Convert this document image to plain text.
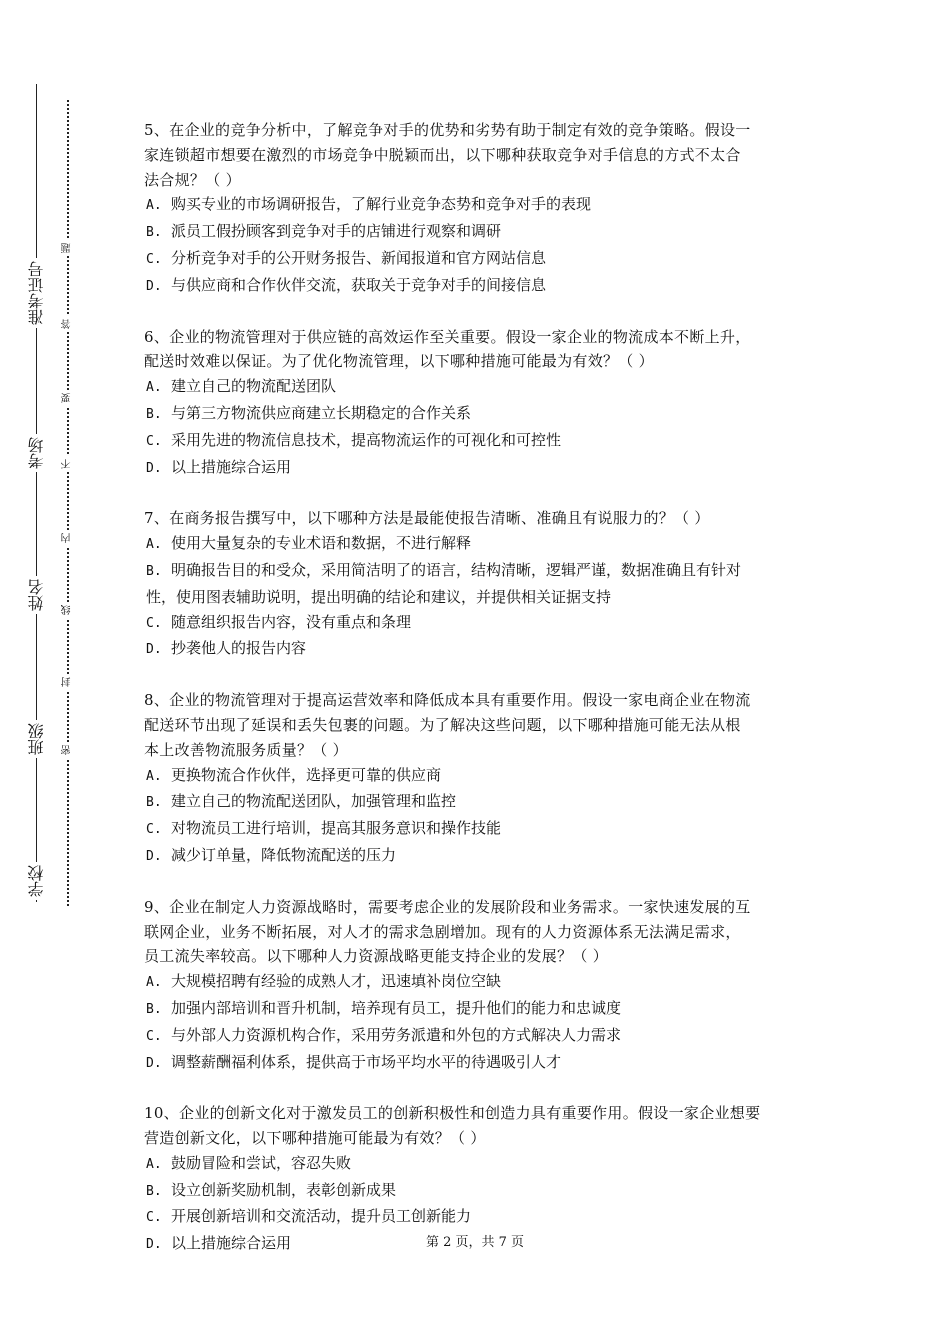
准考证号
考场
姓名
班级
学校
题
答
要
不
内
线
封
密
5、在企业的竞争分析中，了解竞争对手的优势和劣势有助于制定有效的竞争策略。假设一
家连锁超市想要在激烈的市场竞争中脱颖而出，以下哪种获取竞争对手信息的方式不太合
法合规？（ ）
A. 购买专业的市场调研报告，了解行业竞争态势和竞争对手的表现
B. 派员工假扮顾客到竞争对手的店铺进行观察和调研
C. 分析竞争对手的公开财务报告、新闻报道和官方网站信息
D. 与供应商和合作伙伴交流，获取关于竞争对手的间接信息
6、企业的物流管理对于供应链的高效运作至关重要。假设一家企业的物流成本不断上升，
配送时效难以保证。为了优化物流管理，以下哪种措施可能最为有效？（ ）
A. 建立自己的物流配送团队
B. 与第三方物流供应商建立长期稳定的合作关系
C. 采用先进的物流信息技术，提高物流运作的可视化和可控性
D. 以上措施综合运用
7、在商务报告撰写中，以下哪种方法是最能使报告清晰、准确且有说服力的？（ ）
A. 使用大量复杂的专业术语和数据，不进行解释
B. 明确报告目的和受众，采用简洁明了的语言，结构清晰，逻辑严谨，数据准确且有针对
性，使用图表辅助说明，提出明确的结论和建议，并提供相关证据支持
C. 随意组织报告内容，没有重点和条理
D. 抄袭他人的报告内容
8、企业的物流管理对于提高运营效率和降低成本具有重要作用。假设一家电商企业在物流
配送环节出现了延误和丢失包裹的问题。为了解决这些问题，以下哪种措施可能无法从根
本上改善物流服务质量？（ ）
A. 更换物流合作伙伴，选择更可靠的供应商
B. 建立自己的物流配送团队，加强管理和监控
C. 对物流员工进行培训，提高其服务意识和操作技能
D. 减少订单量，降低物流配送的压力
9、企业在制定人力资源战略时，需要考虑企业的发展阶段和业务需求。一家快速发展的互
联网企业，业务不断拓展，对人才的需求急剧增加。现有的人力资源体系无法满足需求，
员工流失率较高。以下哪种人力资源战略更能支持企业的发展？（ ）
A. 大规模招聘有经验的成熟人才，迅速填补岗位空缺
B. 加强内部培训和晋升机制，培养现有员工，提升他们的能力和忠诚度
C. 与外部人力资源机构合作，采用劳务派遣和外包的方式解决人力需求
D. 调整薪酬福利体系，提供高于市场平均水平的待遇吸引人才
10、企业的创新文化对于激发员工的创新积极性和创造力具有重要作用。假设一家企业想要
营造创新文化，以下哪种措施可能最为有效？（ ）
A. 鼓励冒险和尝试，容忍失败
B. 设立创新奖励机制，表彰创新成果
C. 开展创新培训和交流活动，提升员工创新能力
D. 以上措施综合运用	第 2 页，共 7 页
